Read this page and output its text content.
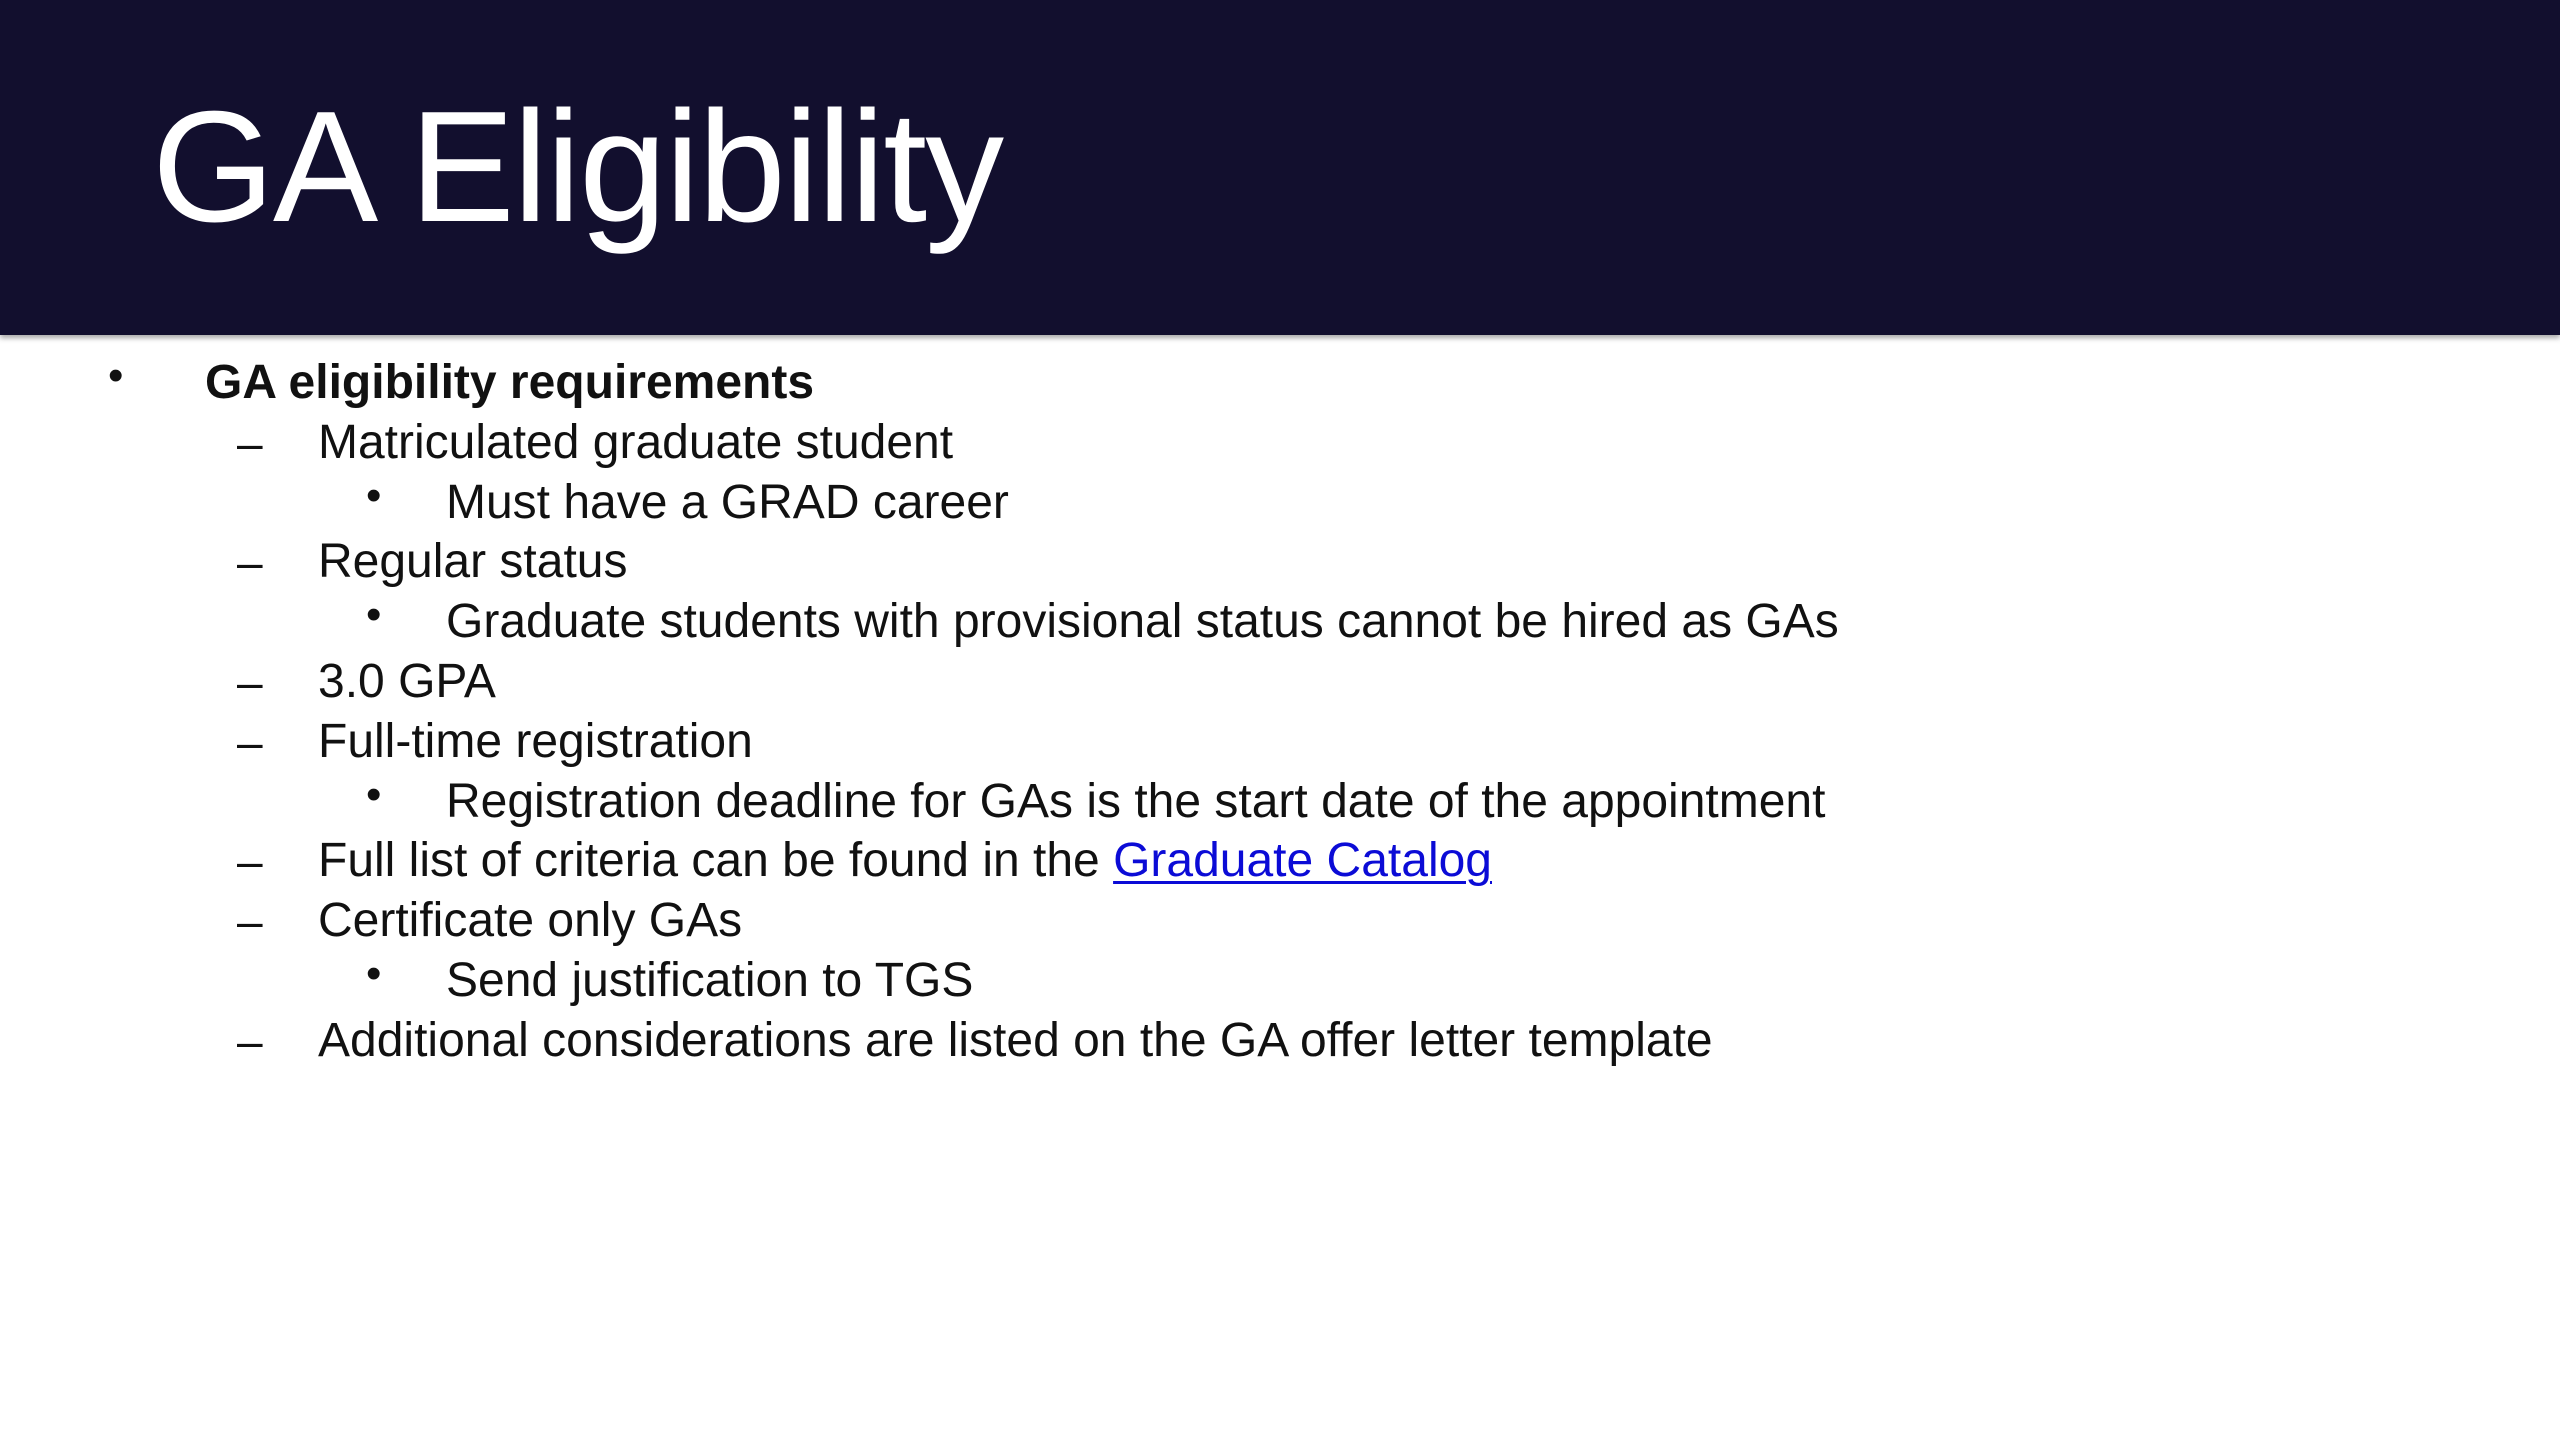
GA Eligibility
• GA eligibility requirements
– Matriculated graduate student
• Must have a GRAD career
– Regular status
• Graduate students with provisional status cannot be hired as GAs
– 3.0 GPA
– Full-time registration
• Registration deadline for GAs is the start date of the appointment
– Full list of criteria can be found in the Graduate Catalog
– Certificate only GAs
• Send justification to TGS
– Additional considerations are listed on the GA offer letter template
